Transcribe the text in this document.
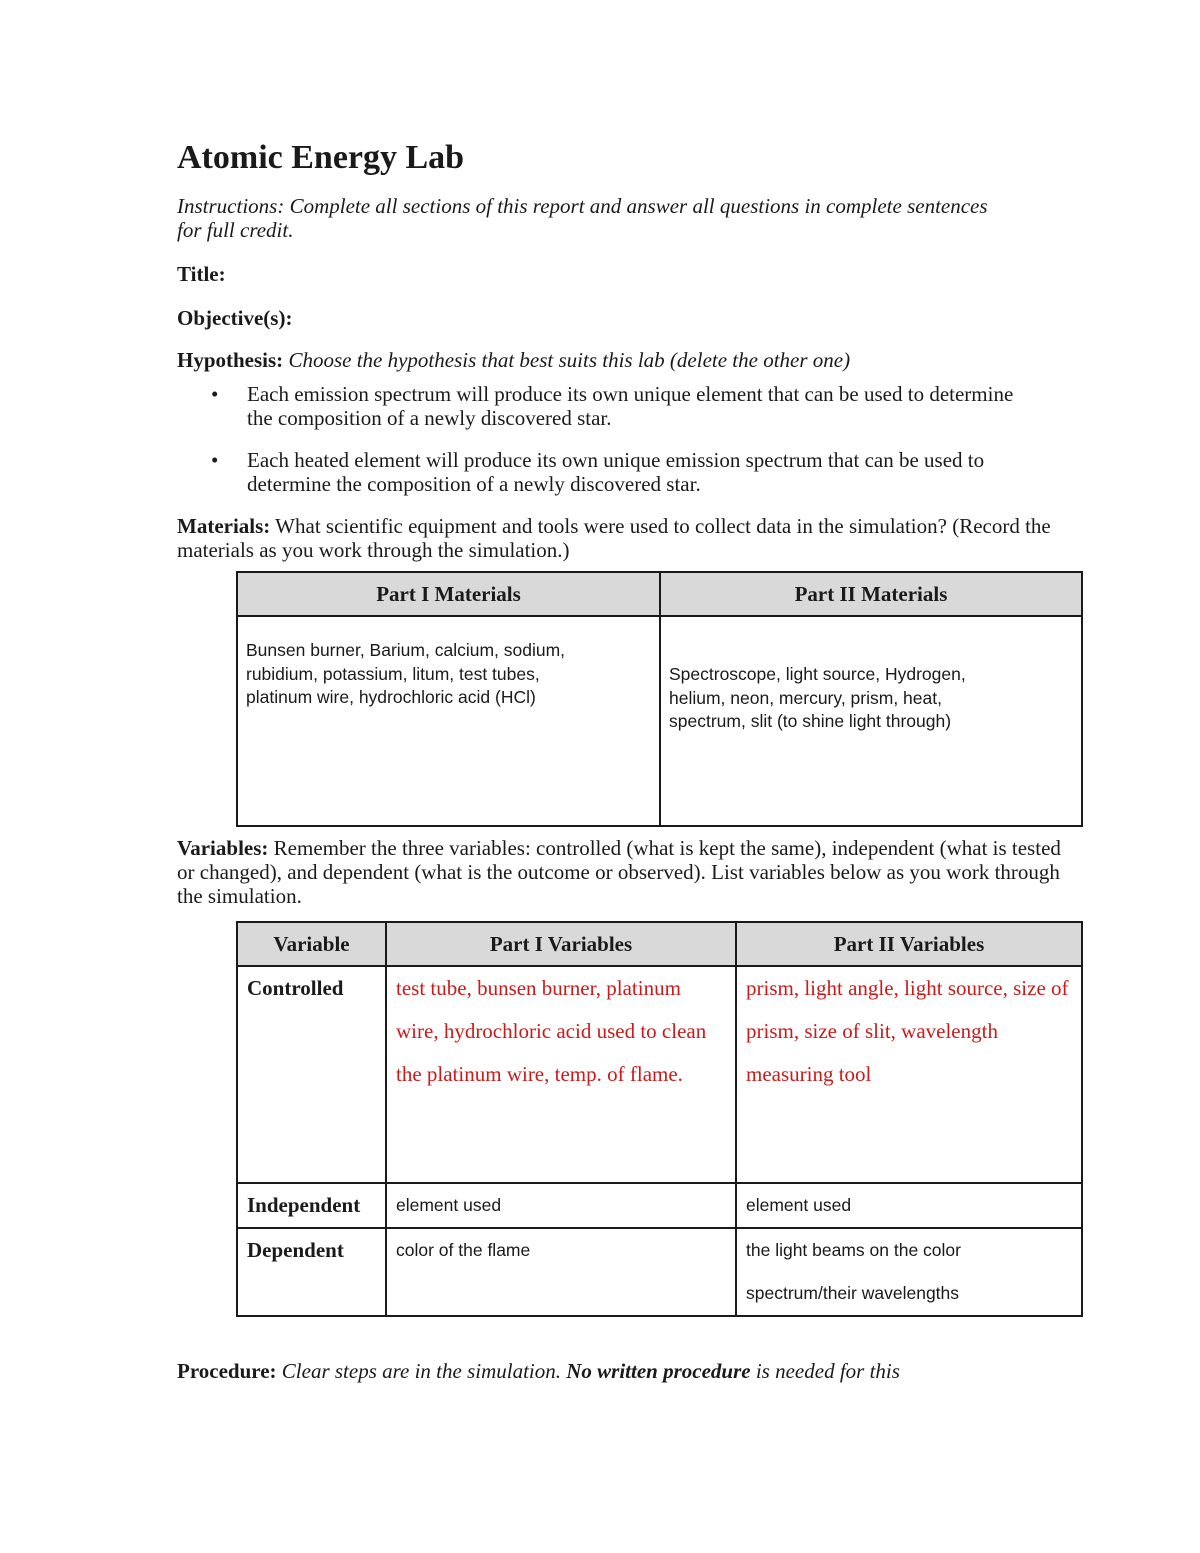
Atomic Energy Lab

Instructions: Complete all sections of this report and answer all questions in complete sentences for full credit.

Title:

Objective(s):

Hypothesis: Choose the hypothesis that best suits this lab (delete the other one)

• Each emission spectrum will produce its own unique element that can be used to determine the composition of a newly discovered star.
• Each heated element will produce its own unique emission spectrum that can be used to determine the composition of a newly discovered star.

Materials: What scientific equipment and tools were used to collect data in the simulation? (Record the materials as you work through the simulation.)

Part I Materials	Part II Materials

Bunsen burner, Barium, calcium, sodium, rubidium, potassium, litum, test tubes, platinum wire, hydrochloric acid (HCl)	Spectroscope, light source, Hydrogen, helium, neon, mercury, prism, heat, spectrum, slit (to shine light through)

Variables: Remember the three variables: controlled (what is kept the same), independent (what is tested or changed), and dependent (what is the outcome or observed). List variables below as you work through the simulation.

Variable	Part I Variables	Part II Variables
Controlled	test tube, bunsen burner, platinum wire, hydrochloric acid used to clean the platinum wire, temp. of flame.	prism, light angle, light source, size of prism, size of slit, wavelength measuring tool
Independent	element used	element used
Dependent	color of the flame	the light beams on the color spectrum/their wavelengths

Procedure: Clear steps are in the simulation. No written procedure is needed for this
